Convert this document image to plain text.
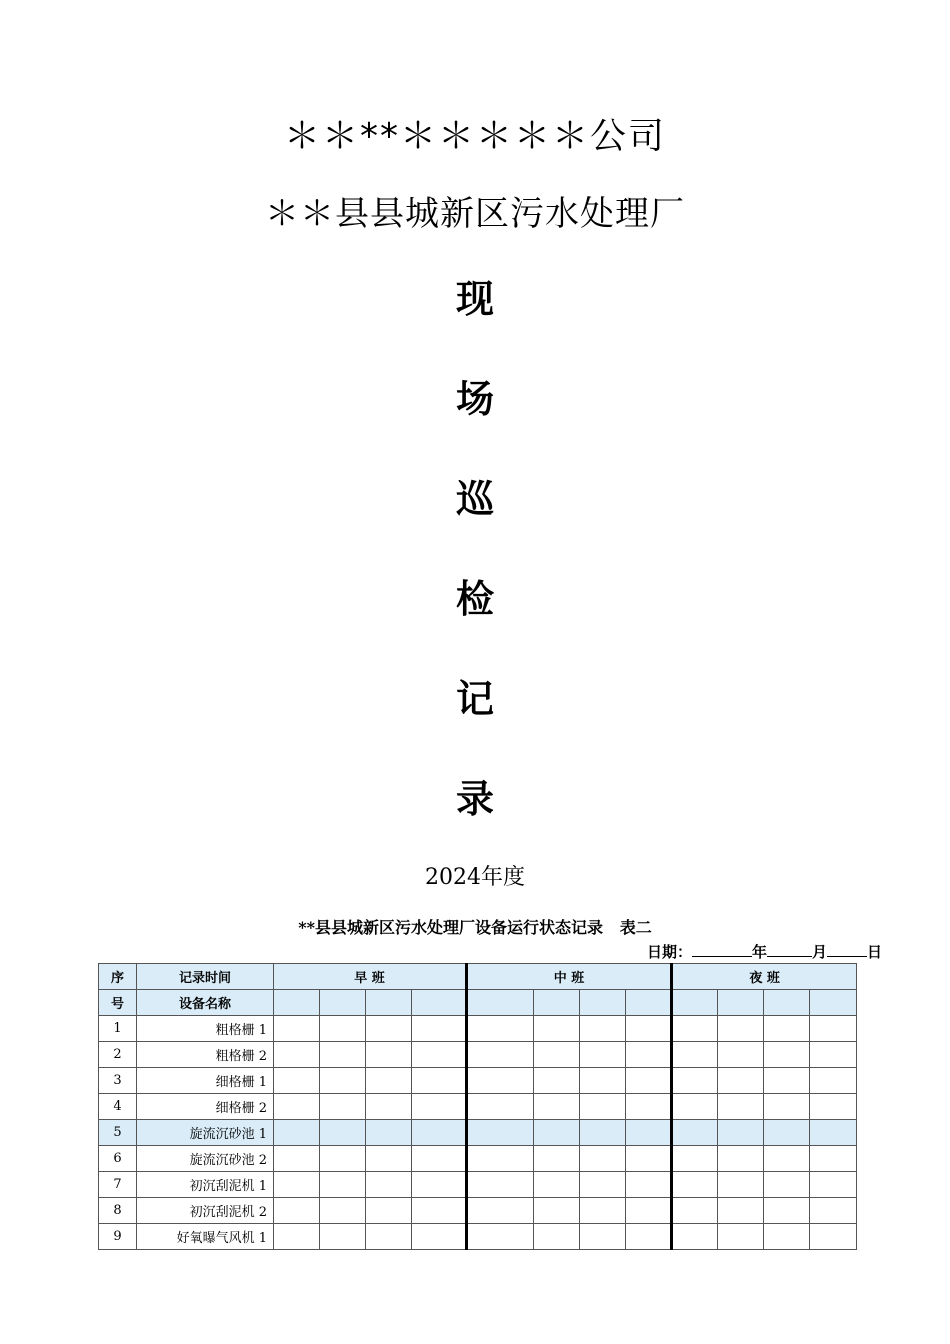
＊＊**＊＊＊＊＊公司
＊＊县县城新区污水处理厂
现
场
巡
检
记
录
2024年度
**县县城新区污水处理厂设备运行状态记录   表二
日期：	年	月	日
序	记录时间	早 班				中 班				夜 班			
号	设备名称												
1	粗格栅 1												
2	粗格栅 2												
3	细格栅 1												
4	细格栅 2												
5	旋流沉砂池 1												
6	旋流沉砂池 2												
7	初沉刮泥机 1												
8	初沉刮泥机 2												
9	好氧曝气风机 1												
